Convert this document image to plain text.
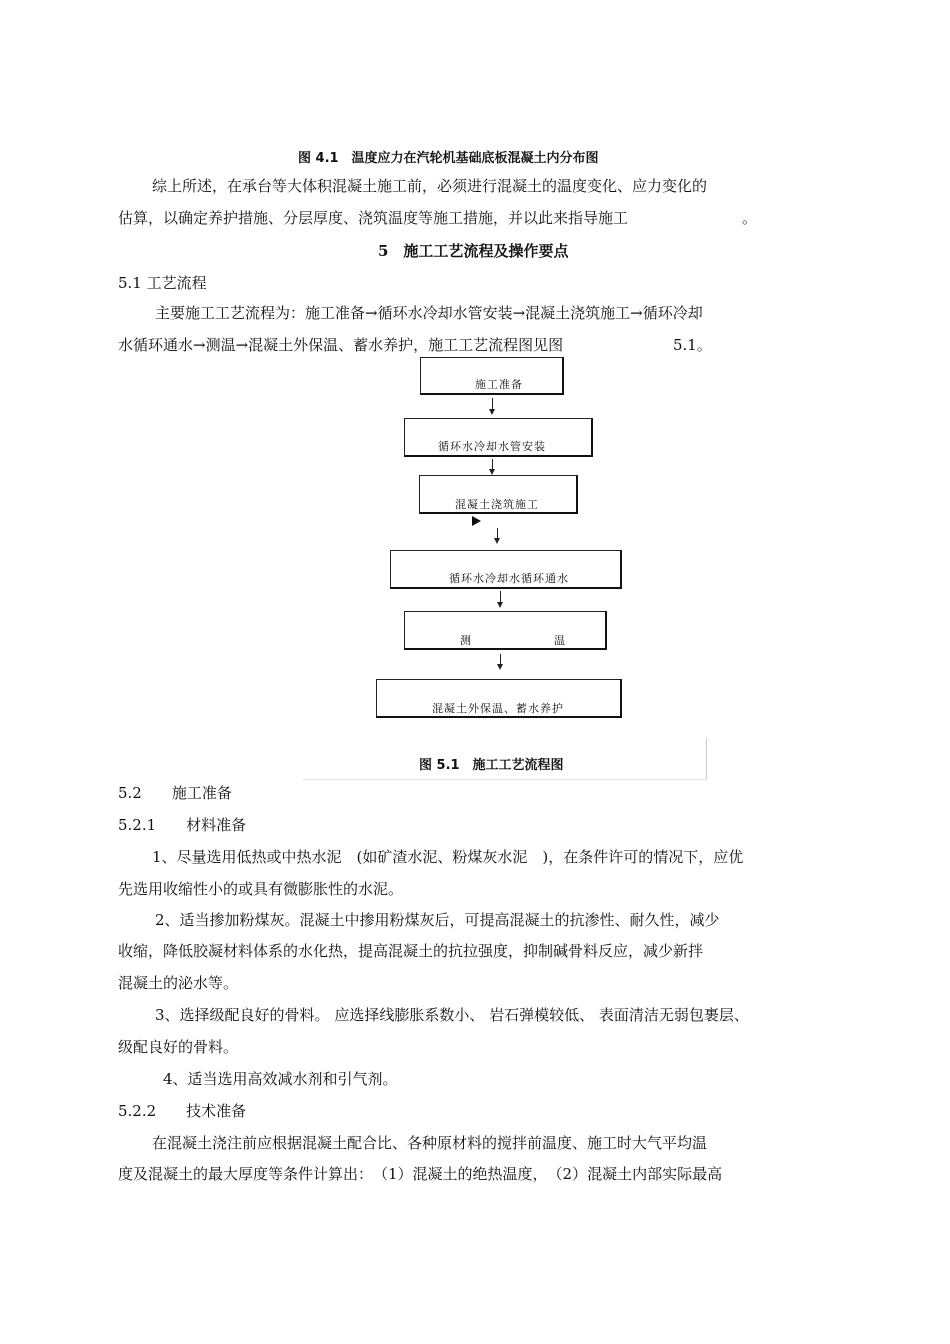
图 4.1　温度应力在汽轮机基础底板混凝土内分布图
综上所述，在承台等大体积混凝土施工前，必须进行混凝土的温度变化、应力变化的
估算，以确定养护措施、分层厚度、浇筑温度等施工措施，并以此来指导施工	。
5　施工工艺流程及操作要点
5.1 工艺流程
主要施工工艺流程为：施工准备→循环水冷却水管安装→混凝土浇筑施工→循环冷却
水循环通水→测温→混凝土外保温、蓄水养护，施工工艺流程图见图	5.1。
施工准备
循环水冷却水管安装
混凝土浇筑施工
循环水冷却水循环通水
测	温
混凝土外保温、蓄水养护
图 5.1　施工工艺流程图
5.2　　施工准备
5.2.1　　材料准备
1、尽量选用低热或中热水泥　(如矿渣水泥、粉煤灰水泥　)，在条件许可的情况下，应优
先选用收缩性小的或具有微膨胀性的水泥。
2、适当掺加粉煤灰。混凝土中掺用粉煤灰后，可提高混凝土的抗渗性、耐久性，减少
收缩，降低胶凝材料体系的水化热，提高混凝土的抗拉强度，抑制碱骨料反应，减少新拌
混凝土的泌水等。
3、选择级配良好的骨料。 应选择线膨胀系数小、 岩石弹模较低、 表面清洁无弱包裹层、
级配良好的骨料。
4、适当选用高效减水剂和引气剂。
5.2.2　　技术准备
在混凝土浇注前应根据混凝土配合比、各种原材料的搅拌前温度、施工时大气平均温
度及混凝土的最大厚度等条件计算出：　（1）混凝土的绝热温度，　（2）混凝土内部实际最高
